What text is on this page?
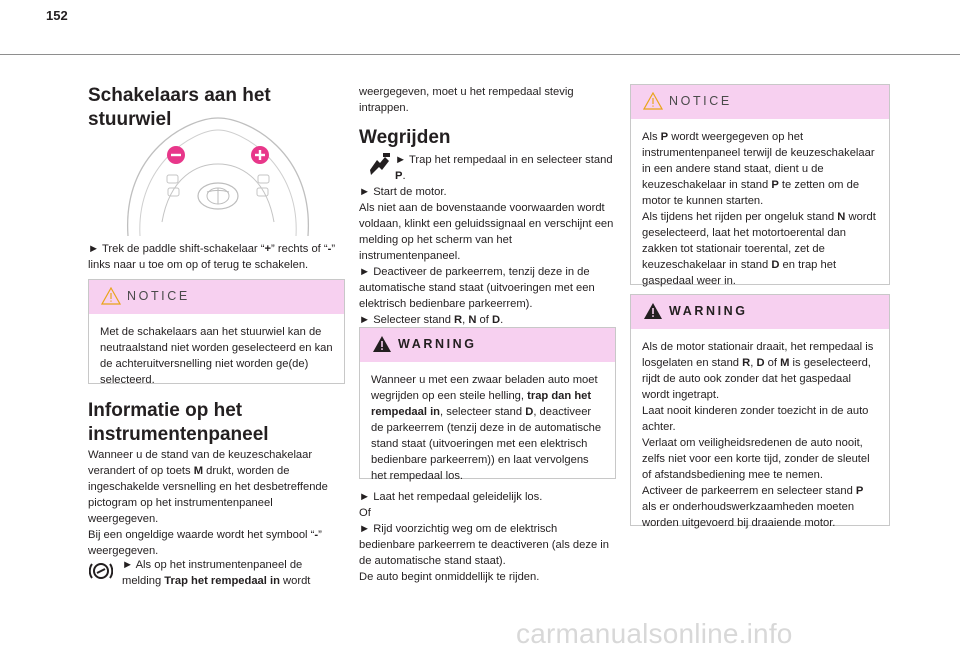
152
Schakelaars aan het stuurwiel

► Trek de paddle shift-schakelaar “+” rechts of “-” links naar u toe om op of terug te schakelen.

NOTICE

Met de schakelaars aan het stuurwiel kan de neutraalstand niet worden geselecteerd en kan de achteruitversnelling niet worden ge(de) selecteerd.

Informatie op het
instrumentenpaneel

Wanneer u de stand van de keuzeschakelaar verandert of op toets M drukt, worden de ingeschakelde versnelling en het desbetreffende pictogram op het instrumentenpaneel weergegeven.
Bij een ongeldige waarde wordt het symbool “-” weergegeven.

► Als op het instrumentenpaneel de melding Trap het rempedaal in wordt

weergegeven, moet u het rempedaal stevig intrappen.

Wegrijden

► Trap het rempedaal in en selecteer stand P.

► Start de motor.
Als niet aan de bovenstaande voorwaarden wordt voldaan, klinkt een geluidssignaal en verschijnt een melding op het scherm van het instrumentenpaneel.
► Deactiveer de parkeerrem, tenzij deze in de automatische stand staat (uitvoeringen met een elektrisch bedienbare parkeerrem).
► Selecteer stand R, N of D.

WARNING

Wanneer u met een zwaar beladen auto moet wegrijden op een steile helling, trap dan het rempedaal in, selecteer stand D, deactiveer de parkeerrem (tenzij deze in de automatische stand staat (uitvoeringen met een elektrisch bedienbare parkeerrem)) en laat vervolgens het rempedaal los.

► Laat het rempedaal geleidelijk los.
Of
► Rijd voorzichtig weg om de elektrisch bedienbare parkeerrem te deactiveren (als deze in de automatische stand staat).
De auto begint onmiddellijk te rijden.

NOTICE

Als P wordt weergegeven op het instrumentenpaneel terwijl de keuzeschakelaar in een andere stand staat, dient u de keuzeschakelaar in stand P te zetten om de motor te kunnen starten.
Als tijdens het rijden per ongeluk stand N wordt geselecteerd, laat het motortoerental dan zakken tot stationair toerental, zet de keuzeschakelaar in stand D en trap het gaspedaal weer in.

WARNING

Als de motor stationair draait, het rempedaal is losgelaten en stand R, D of M is geselecteerd, rijdt de auto ook zonder dat het gaspedaal wordt ingetrapt.
Laat nooit kinderen zonder toezicht in de auto achter.
Verlaat om veiligheidsredenen de auto nooit, zelfs niet voor een korte tijd, zonder de sleutel of afstandsbediening mee te nemen.
Activeer de parkeerrem en selecteer stand P als er onderhoudswerkzaamheden moeten worden uitgevoerd bij draaiende motor.

carmanualsonline.info
